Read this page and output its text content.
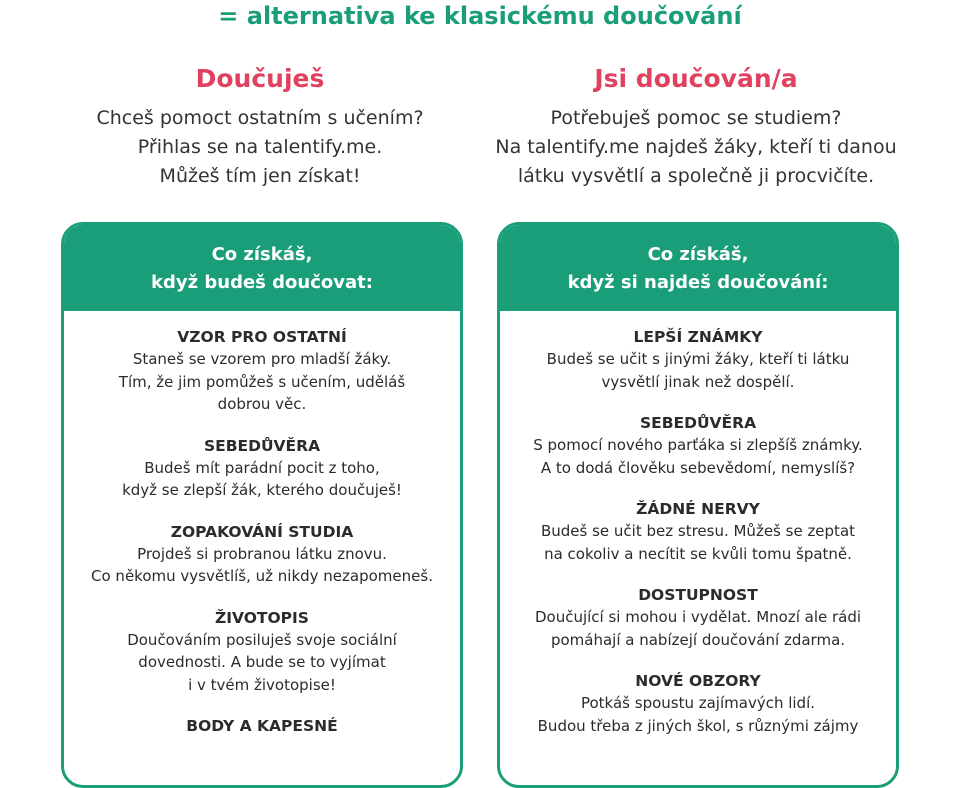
= alternativa ke klasickému doučování
Doučuješ
Chceš pomoct ostatním s učením?
Přihlas se na talentify.me.
Můžeš tím jen získat!
Jsi doučován/a
Potřebuješ pomoc se studiem?
Na talentify.me najdeš žáky, kteří ti danou
látku vysvětlí a společně ji procvičíte.
Co získáš,
když budeš doučovat:
VZOR PRO OSTATNÍ
Staneš se vzorem pro mladší žáky.
Tím, že jim pomůžeš s učením, uděláš
dobrou věc.
SEBEDŮVĚRA
Budeš mít parádní pocit z toho,
když se zlepší žák, kterého doučuješ!
ZOPAKOVÁNÍ STUDIA
Projdeš si probranou látku znovu.
Co někomu vysvětlíš, už nikdy nezapomeneš.
ŽIVOTOPIS
Doučováním posiluješ svoje sociální
dovednosti. A bude se to vyjímat
i v tvém životopise!
BODY A KAPESNÉ
Co získáš,
když si najdeš doučování:
LEPŠÍ ZNÁMKY
Budeš se učit s jinými žáky, kteří ti látku
vysvětlí jinak než dospělí.
SEBEDŮVĚRA
S pomocí nového parťáka si zlepšíš známky.
A to dodá člověku sebevědomí, nemyslíš?
ŽÁDNÉ NERVY
Budeš se učit bez stresu. Můžeš se zeptat
na cokoliv a necítit se kvůli tomu špatně.
DOSTUPNOST
Doučující si mohou i vydělat. Mnozí ale rádi
pomáhají a nabízejí doučování zdarma.
NOVÉ OBZORY
Potkáš spoustu zajímavých lidí.
Budou třeba z jiných škol, s různými zájmy
